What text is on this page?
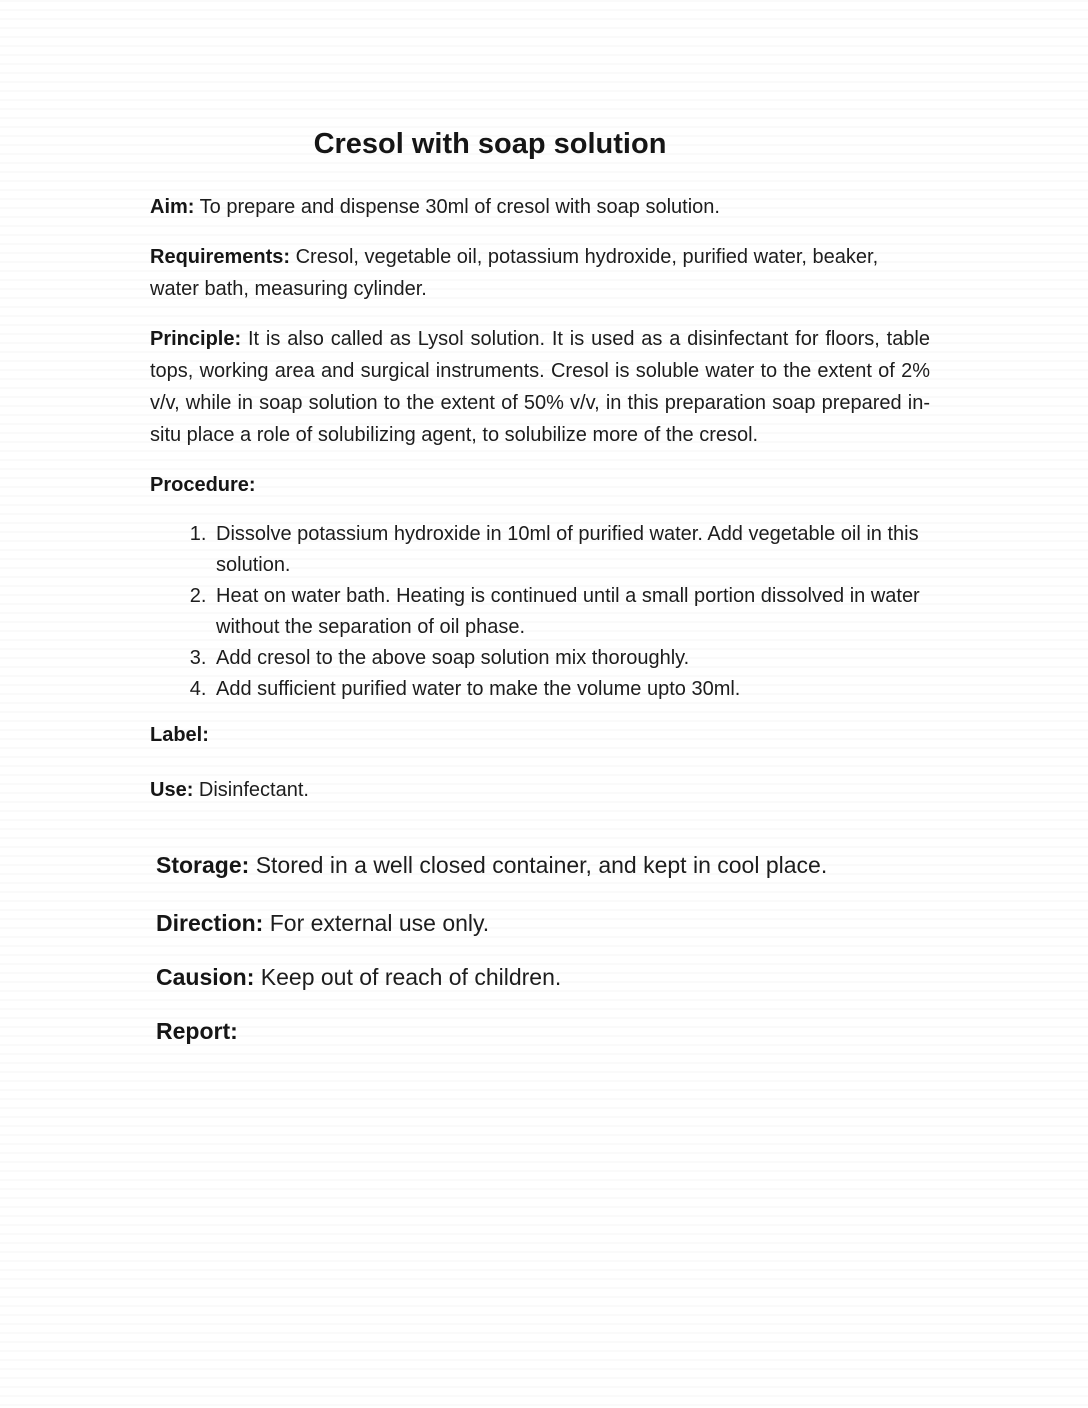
Cresol with soap solution

Aim: To prepare and dispense 30ml of cresol with soap solution.

Requirements: Cresol, vegetable oil, potassium hydroxide, purified water, beaker, water bath, measuring cylinder.

Principle: It is also called as Lysol solution. It is used as a disinfectant for floors, table tops, working area and surgical instruments. Cresol is soluble water to the extent of 2% v/v, while in soap solution to the extent of 50% v/v, in this preparation soap prepared in-situ place a role of solubilizing agent, to solubilize more of the cresol.

Procedure:

1. Dissolve potassium hydroxide in 10ml of purified water. Add vegetable oil in this solution.
2. Heat on water bath. Heating is continued until a small portion dissolved in water without the separation of oil phase.
3. Add cresol to the above soap solution mix thoroughly.
4. Add sufficient purified water to make the volume upto 30ml.

Label:

Use: Disinfectant.

Storage: Stored in a well closed container, and kept in cool place.

Direction: For external use only.

Causion: Keep out of reach of children.

Report:
